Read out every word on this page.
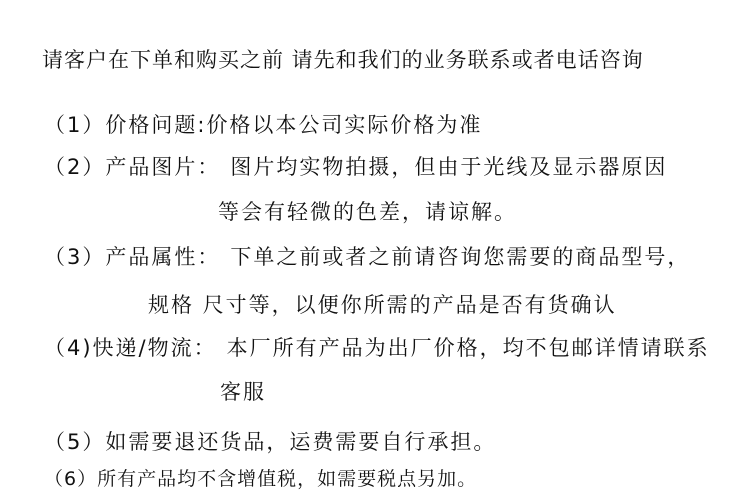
请客户在下单和购买之前 请先和我们的业务联系或者电话咨询
（1）价格问题:价格以本公司实际价格为准
（2）产品图片： 图片均实物拍摄，但由于光线及显示器原因
等会有轻微的色差，请谅解。
（3）产品属性： 下单之前或者之前请咨询您需要的商品型号，
规格 尺寸等，以便你所需的产品是否有货确认
（4)快递/物流： 本厂所有产品为出厂价格，均不包邮详情请联系
客服
（5）如需要退还货品，运费需要自行承担。
（6）所有产品均不含增值税，如需要税点另加。
